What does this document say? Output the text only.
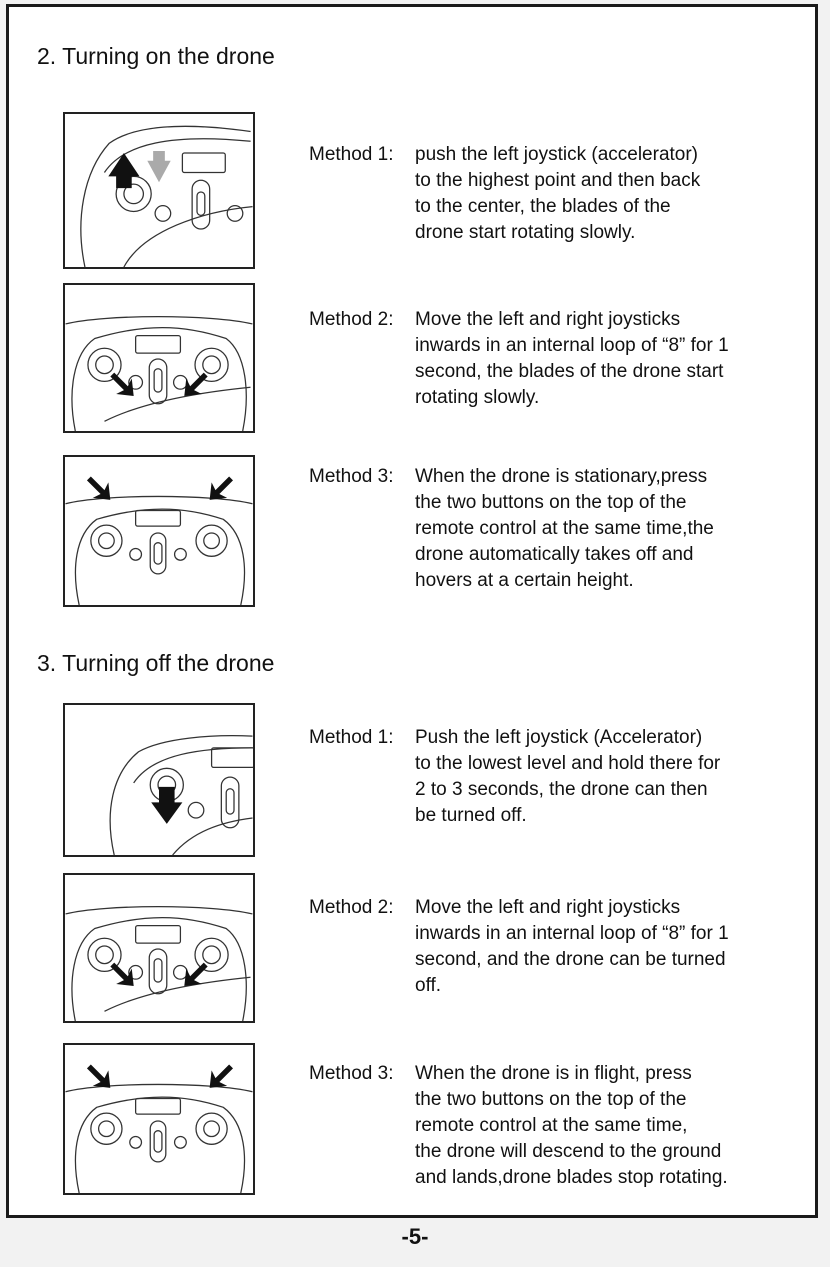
2. Turning on the drone
Method 1:	push the left joystick (accelerator)
to the highest point and then back
to the center, the blades of the
drone start rotating slowly.
Method 2:	Move the left and right joysticks
inwards in an internal loop of “8” for 1
second, the blades of the drone start
rotating slowly.
Method 3:	When the drone is stationary,press
the two buttons on the top of the
remote control at the same time,the
drone automatically takes off and
hovers at a certain height.
3. Turning off the drone
Method 1:	Push the left joystick (Accelerator)
to the lowest level and hold there for
2 to 3 seconds, the drone can then
be turned off.
Method 2:	Move the left and right joysticks
inwards in an internal loop of “8” for 1
second, and the drone can be turned
off.
Method 3:	When the drone is in flight, press
the two buttons on the top of the
remote control at the same time,
the drone will descend to the ground
and lands,drone blades stop rotating.
-5-
